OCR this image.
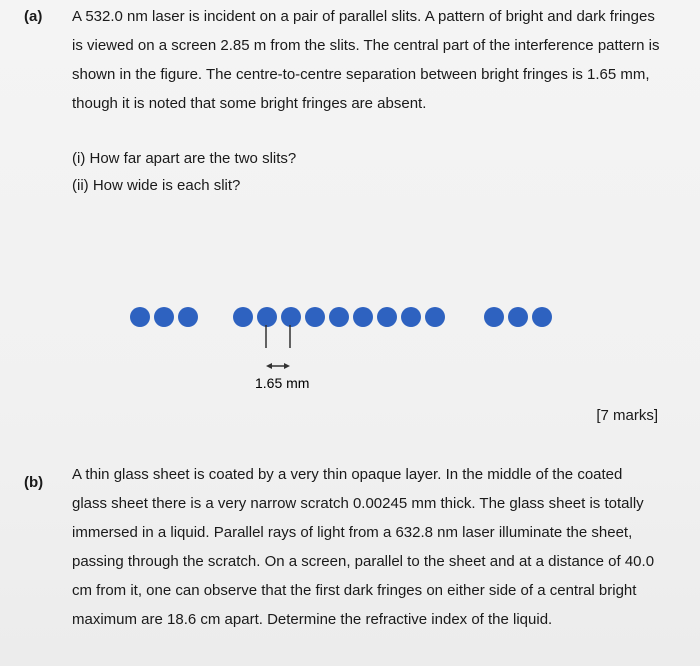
(a) A 532.0 nm laser is incident on a pair of parallel slits. A pattern of bright and dark fringes is viewed on a screen 2.85 m from the slits. The central part of the interference pattern is shown in the figure. The centre-to-centre separation between bright fringes is 1.65 mm, though it is noted that some bright fringes are absent.
(i) How far apart are the two slits?
(ii) How wide is each slit?
1.65 mm
[7 marks]
(b) A thin glass sheet is coated by a very thin opaque layer. In the middle of the coated glass sheet there is a very narrow scratch 0.00245 mm thick. The glass sheet is totally immersed in a liquid. Parallel rays of light from a 632.8 nm laser illuminate the sheet, passing through the scratch. On a screen, parallel to the sheet and at a distance of 40.0 cm from it, one can observe that the first dark fringes on either side of a central bright maximum are 18.6 cm apart. Determine the refractive index of the liquid.
